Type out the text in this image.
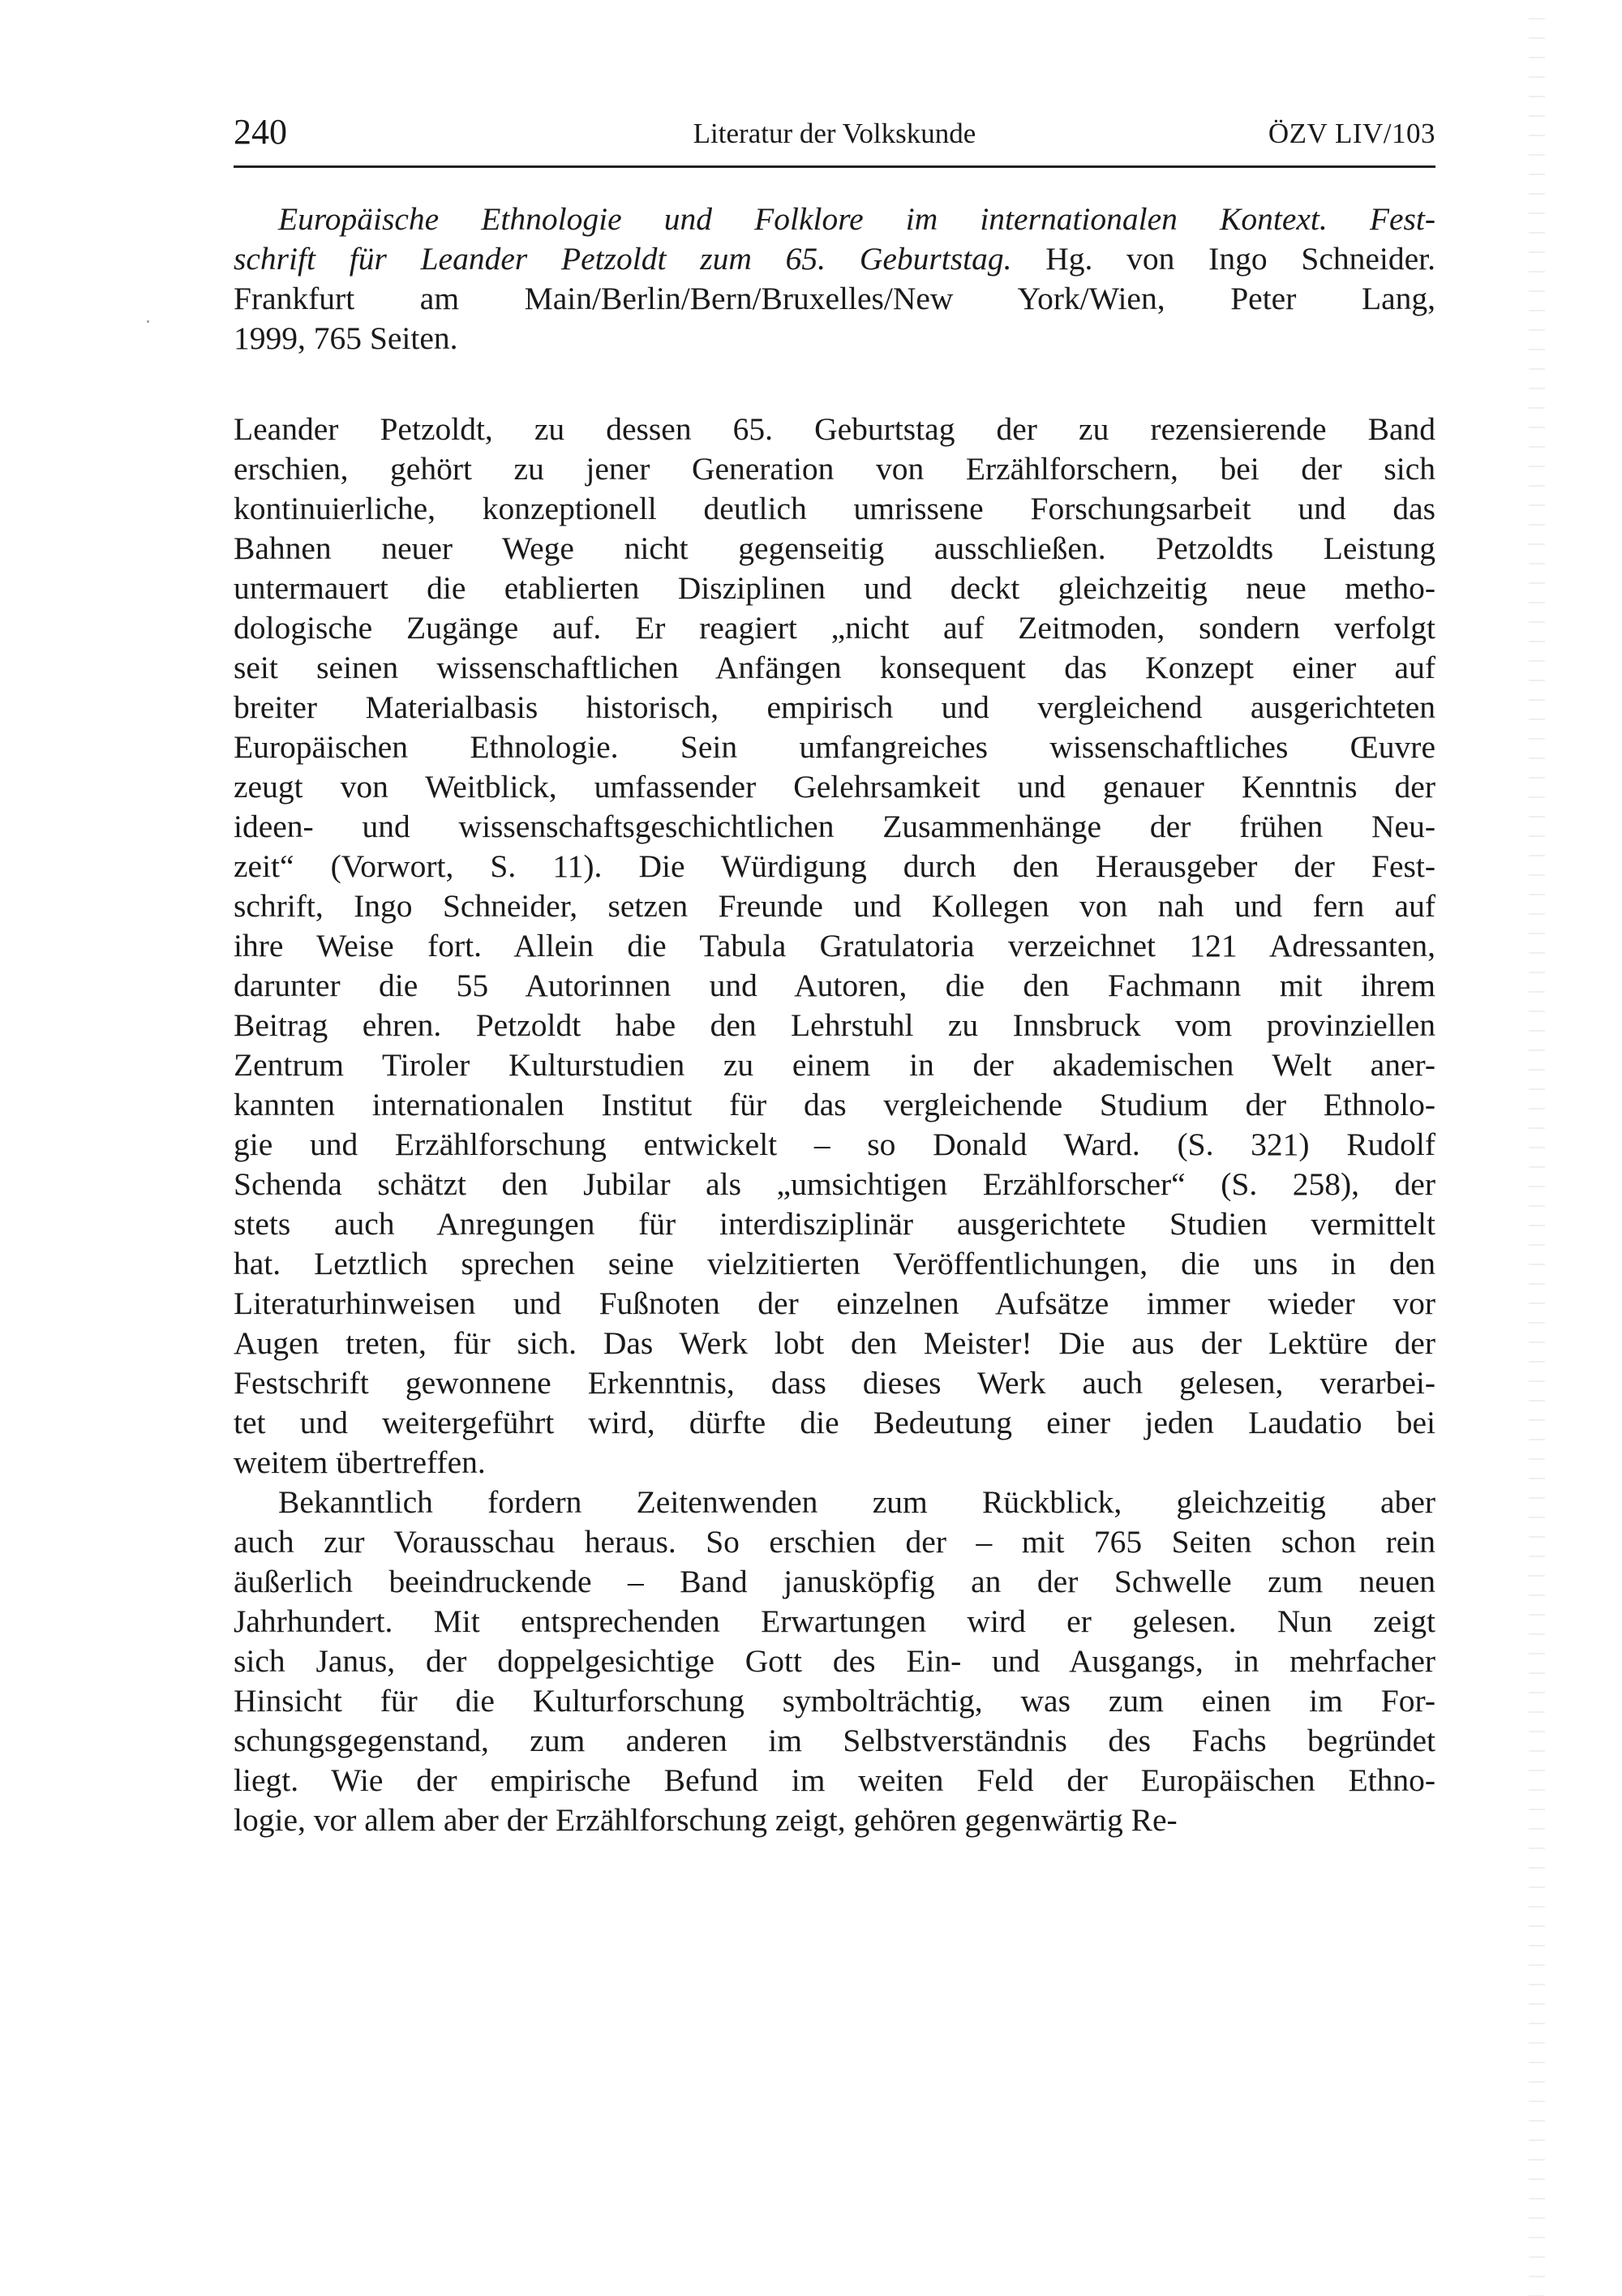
240	Literatur der Volkskunde	ÖZV LIV/103
Europäische Ethnologie und Folklore im internationalen Kontext. Fest-
schrift für Leander Petzoldt zum 65. Geburtstag. Hg. von Ingo Schneider.
Frankfurt am Main/Berlin/Bern/Bruxelles/New York/Wien, Peter Lang,
1999, 765 Seiten.
Leander Petzoldt, zu dessen 65. Geburtstag der zu rezensierende Band
erschien, gehört zu jener Generation von Erzählforschern, bei der sich
kontinuierliche, konzeptionell deutlich umrissene Forschungsarbeit und das
Bahnen neuer Wege nicht gegenseitig ausschließen. Petzoldts Leistung
untermauert die etablierten Disziplinen und deckt gleichzeitig neue metho-
dologische Zugänge auf. Er reagiert „nicht auf Zeitmoden, sondern verfolgt
seit seinen wissenschaftlichen Anfängen konsequent das Konzept einer auf
breiter Materialbasis historisch, empirisch und vergleichend ausgerichteten
Europäischen Ethnologie. Sein umfangreiches wissenschaftliches Œuvre
zeugt von Weitblick, umfassender Gelehrsamkeit und genauer Kenntnis der
ideen- und wissenschaftsgeschichtlichen Zusammenhänge der frühen Neu-
zeit“ (Vorwort, S. 11). Die Würdigung durch den Herausgeber der Fest-
schrift, Ingo Schneider, setzen Freunde und Kollegen von nah und fern auf
ihre Weise fort. Allein die Tabula Gratulatoria verzeichnet 121 Adressanten,
darunter die 55 Autorinnen und Autoren, die den Fachmann mit ihrem
Beitrag ehren. Petzoldt habe den Lehrstuhl zu Innsbruck vom provinziellen
Zentrum Tiroler Kulturstudien zu einem in der akademischen Welt aner-
kannten internationalen Institut für das vergleichende Studium der Ethnolo-
gie und Erzählforschung entwickelt – so Donald Ward. (S. 321) Rudolf
Schenda schätzt den Jubilar als „umsichtigen Erzählforscher“ (S. 258), der
stets auch Anregungen für interdisziplinär ausgerichtete Studien vermittelt
hat. Letztlich sprechen seine vielzitierten Veröffentlichungen, die uns in den
Literaturhinweisen und Fußnoten der einzelnen Aufsätze immer wieder vor
Augen treten, für sich. Das Werk lobt den Meister! Die aus der Lektüre der
Festschrift gewonnene Erkenntnis, dass dieses Werk auch gelesen, verarbei-
tet und weitergeführt wird, dürfte die Bedeutung einer jeden Laudatio bei
weitem übertreffen.
Bekanntlich fordern Zeitenwenden zum Rückblick, gleichzeitig aber
auch zur Vorausschau heraus. So erschien der – mit 765 Seiten schon rein
äußerlich beeindruckende – Band janusköpfig an der Schwelle zum neuen
Jahrhundert. Mit entsprechenden Erwartungen wird er gelesen. Nun zeigt
sich Janus, der doppelgesichtige Gott des Ein- und Ausgangs, in mehrfacher
Hinsicht für die Kulturforschung symbolträchtig, was zum einen im For-
schungsgegenstand, zum anderen im Selbstverständnis des Fachs begründet
liegt. Wie der empirische Befund im weiten Feld der Europäischen Ethno-
logie, vor allem aber der Erzählforschung zeigt, gehören gegenwärtig Re-
